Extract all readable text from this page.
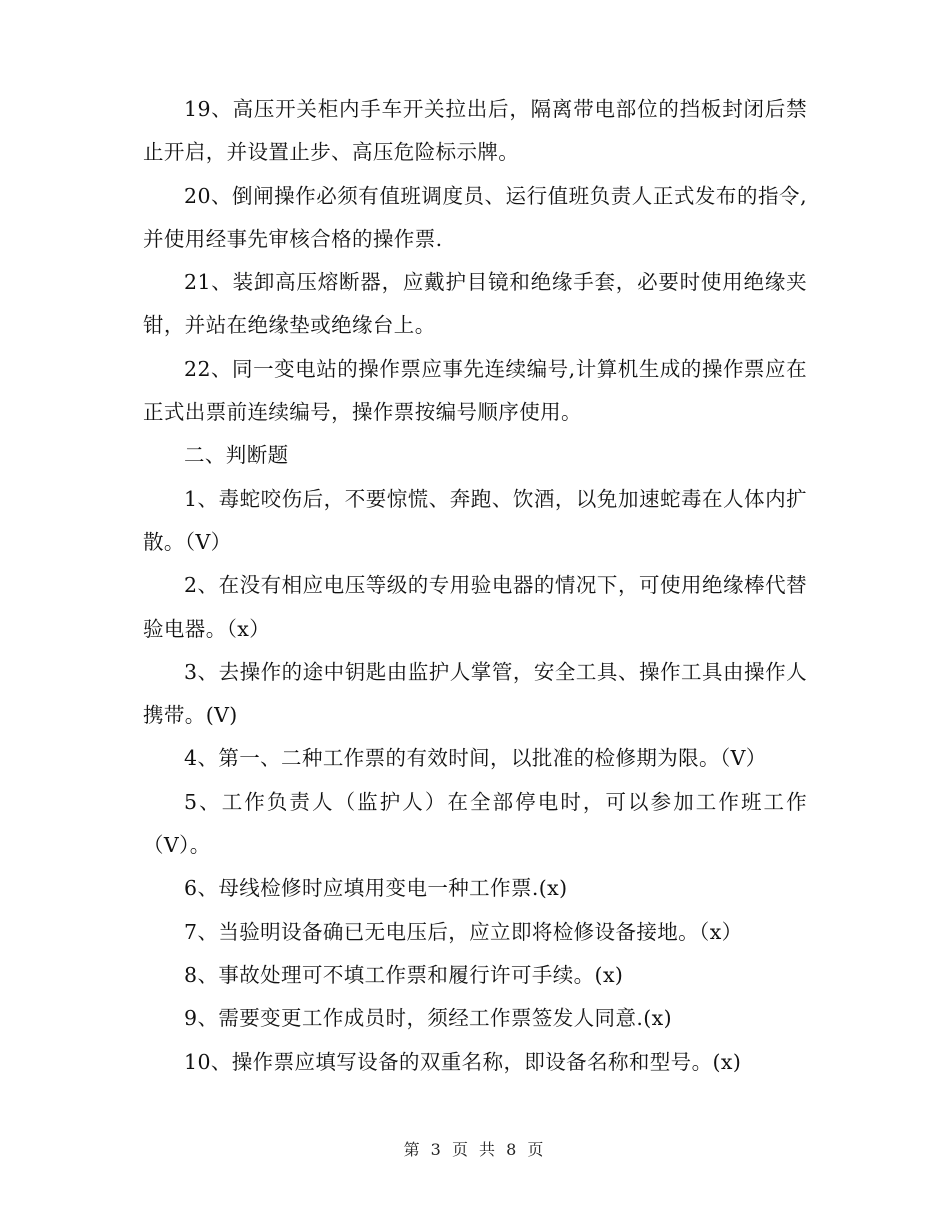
19、高压开关柜内手车开关拉出后，隔离带电部位的挡板封闭后禁止开启，并设置止步、高压危险标示牌。

20、倒闸操作必须有值班调度员、运行值班负责人正式发布的指令,并使用经事先审核合格的操作票.

21、装卸高压熔断器，应戴护目镜和绝缘手套，必要时使用绝缘夹钳，并站在绝缘垫或绝缘台上。

22、同一变电站的操作票应事先连续编号,计算机生成的操作票应在正式出票前连续编号，操作票按编号顺序使用。

二、判断题

1、毒蛇咬伤后，不要惊慌、奔跑、饮酒，以免加速蛇毒在人体内扩散。（V）

2、在没有相应电压等级的专用验电器的情况下，可使用绝缘棒代替验电器。（x）

3、去操作的途中钥匙由监护人掌管，安全工具、操作工具由操作人携带。(V)

4、第一、二种工作票的有效时间，以批准的检修期为限。（V）

5、工作负责人（监护人）在全部停电时，可以参加工作班工作（V）。

6、母线检修时应填用变电一种工作票.(x)

7、当验明设备确已无电压后，应立即将检修设备接地。（x）

8、事故处理可不填工作票和履行许可手续。(x)

9、需要变更工作成员时，须经工作票签发人同意.(x)

10、操作票应填写设备的双重名称，即设备名称和型号。(x)

第 3 页 共 8 页
